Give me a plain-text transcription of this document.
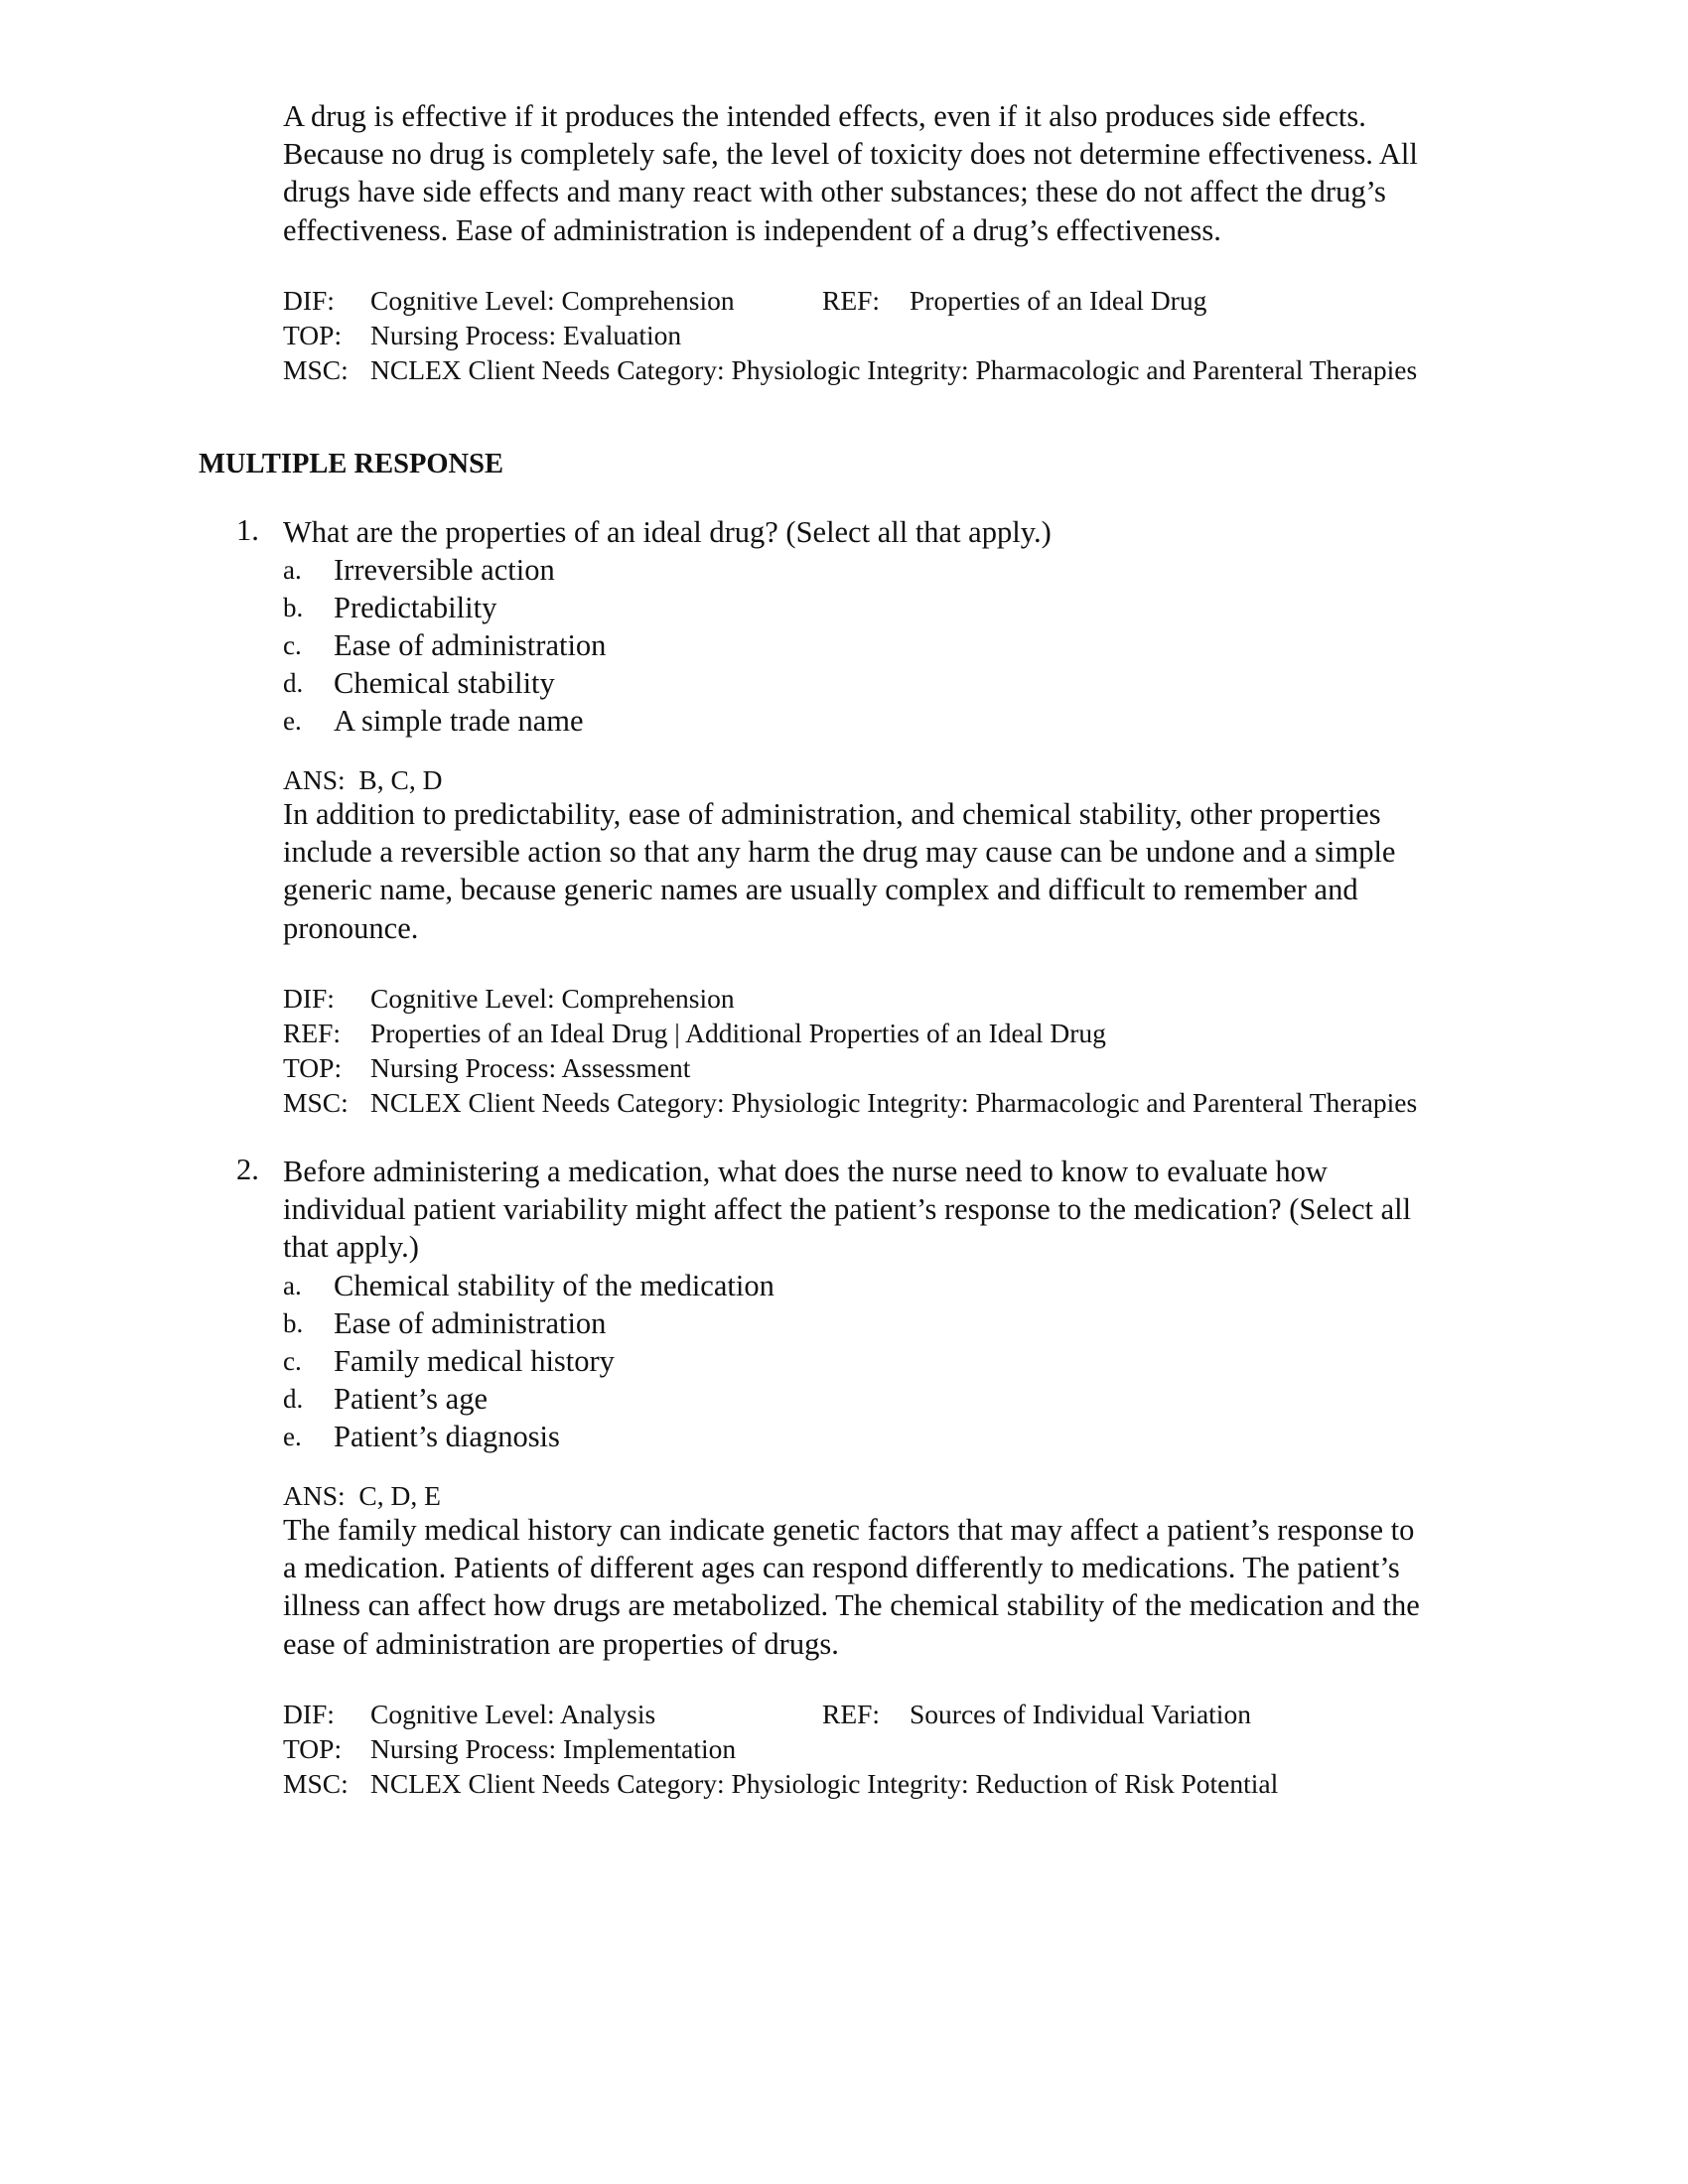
A drug is effective if it produces the intended effects, even if it also produces side effects.
Because no drug is completely safe, the level of toxicity does not determine effectiveness. All
drugs have side effects and many react with other substances; these do not affect the drug’s
effectiveness. Ease of administration is independent of a drug’s effectiveness.
DIF: Cognitive Level: Comprehension	REF: Properties of an Ideal Drug
TOP: Nursing Process: Evaluation
MSC: NCLEX Client Needs Category: Physiologic Integrity: Pharmacologic and Parenteral Therapies
MULTIPLE RESPONSE
1. What are the properties of an ideal drug? (Select all that apply.)
a. Irreversible action
b. Predictability
c. Ease of administration
d. Chemical stability
e. A simple trade name
ANS: B, C, D
In addition to predictability, ease of administration, and chemical stability, other properties
include a reversible action so that any harm the drug may cause can be undone and a simple
generic name, because generic names are usually complex and difficult to remember and
pronounce.
DIF: Cognitive Level: Comprehension
REF: Properties of an Ideal Drug | Additional Properties of an Ideal Drug
TOP: Nursing Process: Assessment
MSC: NCLEX Client Needs Category: Physiologic Integrity: Pharmacologic and Parenteral Therapies
2. Before administering a medication, what does the nurse need to know to evaluate how
individual patient variability might affect the patient’s response to the medication? (Select all
that apply.)
a. Chemical stability of the medication
b. Ease of administration
c. Family medical history
d. Patient’s age
e. Patient’s diagnosis
ANS: C, D, E
The family medical history can indicate genetic factors that may affect a patient’s response to
a medication. Patients of different ages can respond differently to medications. The patient’s
illness can affect how drugs are metabolized. The chemical stability of the medication and the
ease of administration are properties of drugs.
DIF: Cognitive Level: Analysis	REF: Sources of Individual Variation
TOP: Nursing Process: Implementation
MSC: NCLEX Client Needs Category: Physiologic Integrity: Reduction of Risk Potential
